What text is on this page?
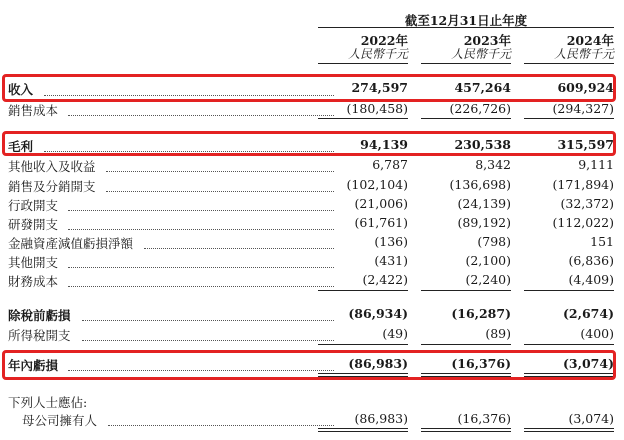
截至12月31日止年度
2022年	2023年	2024年
人民幣千元	人民幣千元	人民幣千元
收入	274,597	457,264	609,924
銷售成本	(180,458)	(226,726)	(294,327)
毛利	94,139	230,538	315,597
其他收入及收益	6,787	8,342	9,111
銷售及分銷開支	(102,104)	(136,698)	(171,894)
行政開支	(21,006)	(24,139)	(32,372)
研發開支	(61,761)	(89,192)	(112,022)
金融資產減值虧損淨額	(136)	(798)	151
其他開支	(431)	(2,100)	(6,836)
財務成本	(2,422)	(2,240)	(4,409)
除稅前虧損	(86,934)	(16,287)	(2,674)
所得稅開支	(49)	(89)	(400)
年內虧損	(86,983)	(16,376)	(3,074)
下列人士應佔:
母公司擁有人	(86,983)	(16,376)	(3,074)
